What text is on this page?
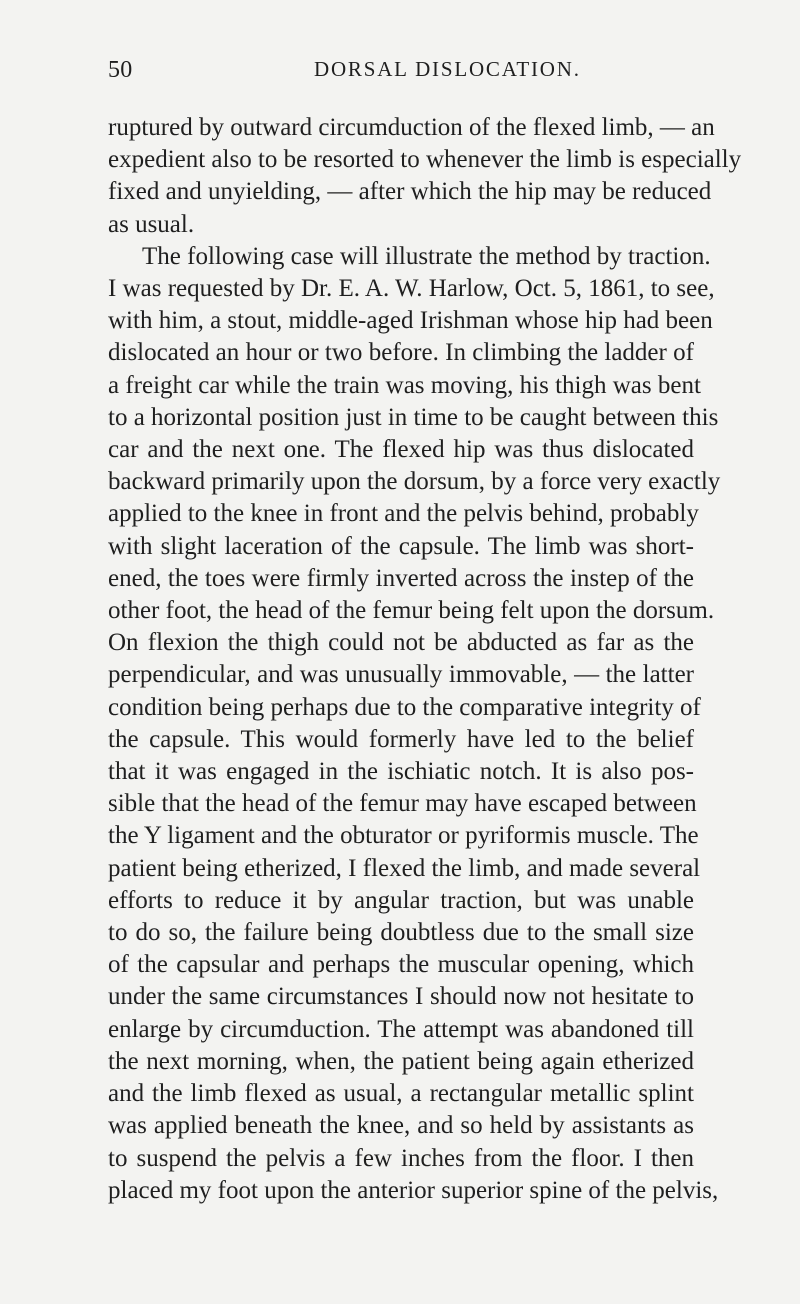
50	DORSAL DISLOCATION.
ruptured by outward circumduction of the flexed limb, — an
expedient also to be resorted to whenever the limb is especially
fixed and unyielding, — after which the hip may be reduced
as usual.
The following case will illustrate the method by traction.
I was requested by Dr. E. A. W. Harlow, Oct. 5, 1861, to see,
with him, a stout, middle-aged Irishman whose hip had been
dislocated an hour or two before. In climbing the ladder of
a freight car while the train was moving, his thigh was bent
to a horizontal position just in time to be caught between this
car and the next one. The flexed hip was thus dislocated
backward primarily upon the dorsum, by a force very exactly
applied to the knee in front and the pelvis behind, probably
with slight laceration of the capsule. The limb was short-
ened, the toes were firmly inverted across the instep of the
other foot, the head of the femur being felt upon the dorsum.
On flexion the thigh could not be abducted as far as the
perpendicular, and was unusually immovable, — the latter
condition being perhaps due to the comparative integrity of
the capsule. This would formerly have led to the belief
that it was engaged in the ischiatic notch. It is also pos-
sible that the head of the femur may have escaped between
the Y ligament and the obturator or pyriformis muscle. The
patient being etherized, I flexed the limb, and made several
efforts to reduce it by angular traction, but was unable
to do so, the failure being doubtless due to the small size
of the capsular and perhaps the muscular opening, which
under the same circumstances I should now not hesitate to
enlarge by circumduction. The attempt was abandoned till
the next morning, when, the patient being again etherized
and the limb flexed as usual, a rectangular metallic splint
was applied beneath the knee, and so held by assistants as
to suspend the pelvis a few inches from the floor. I then
placed my foot upon the anterior superior spine of the pelvis,
